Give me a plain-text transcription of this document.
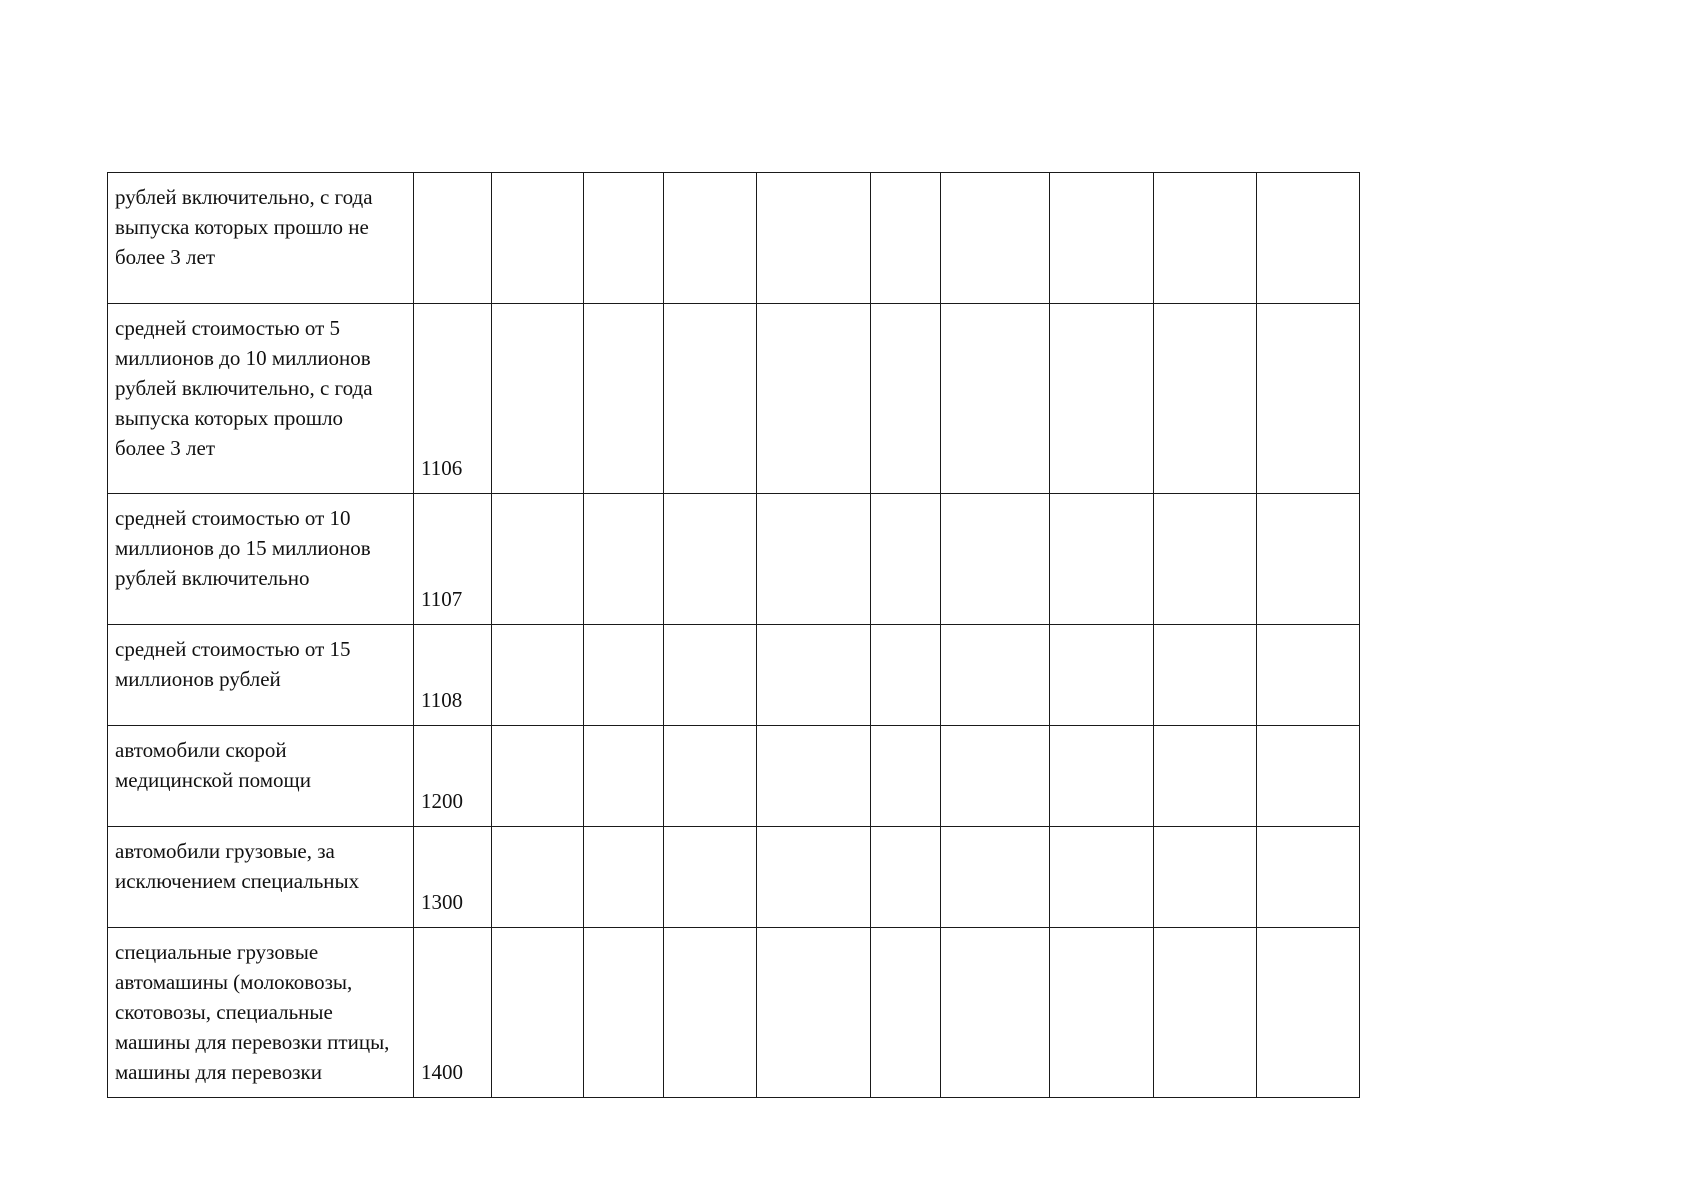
рублей включительно, с года
выпуска которых прошло не
более 3 лет										

средней стоимостью от 5
миллионов до 10 миллионов
рублей включительно, с года
выпуска которых прошло
более 3 лет	1106									

средней стоимостью от 10
миллионов до 15 миллионов
рублей включительно	1107									

средней стоимостью от 15
миллионов рублей	1108									

автомобили скорой
медицинской помощи	1200									

автомобили грузовые, за
исключением специальных	1300									

специальные грузовые
автомашины (молоковозы,
скотовозы, специальные
машины для перевозки птицы,
машины для перевозки	1400									
